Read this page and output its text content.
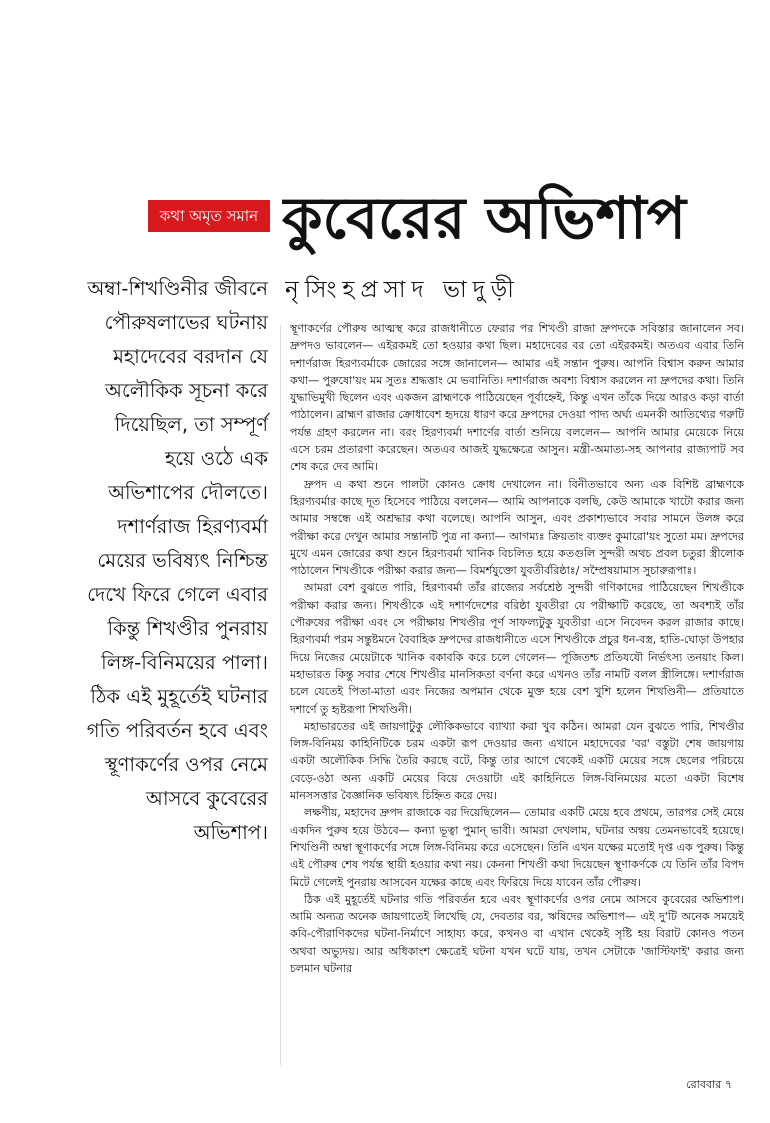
কথা অমৃত সমান কুবেরের অভিশাপ
নৃসিংহপ্রসাদ ভাদুড়ী
অম্বা-শিখণ্ডিনীর জীবনে
পৌরুষলাভের ঘটনায়
মহাদেবের বরদান যে
অলৌকিক সূচনা করে
দিয়েছিল, তা সম্পূর্ণ
হয়ে ওঠে এক
অভিশাপের দৌলতে।
দশার্ণরাজ হিরণ্যবর্মা
মেয়ের ভবিষ্যৎ নিশ্চিন্ত
দেখে ফিরে গেলে এবার
কিন্তু শিখণ্ডীর পুনরায়
লিঙ্গ-বিনিময়ের পালা।
ঠিক এই মুহূর্তেই ঘটনার
গতি পরিবর্তন হবে এবং
স্থূণাকর্ণের ওপর নেমে
আসবে কুবেরের
অভিশাপ।

স্থূণাকর্ণের পৌরুষ আত্মস্থ করে রাজধানীতে ফেরার পর শিখণ্ডী রাজা দ্রুপদকে সবিস্তার জানালেন সব। দ্রুপদও ভাবলেন— এইরকমই তো হওয়ার কথা ছিল। মহাদেবের বর তো এইরকমই। অতএব এবার তিনি দশার্ণরাজ হিরণ্যবর্মাকে জোরের সঙ্গে জানালেন— আমার এই সন্তান পুরুষ। আপনি বিশ্বাস করুন আমার কথা— পুরুষো'য়ং মম সুতঃ শ্রদ্ধত্তাং মে ভবানিতি। দশার্ণরাজ অবশ্য বিশ্বাস করলেন না দ্রুপদের কথা। তিনি যুদ্ধাভিমুখী ছিলেন এবং একজন ব্রাহ্মণকে পাঠিয়েছেন পূর্বাহ্নেই, কিন্তু এখন তাঁকে দিয়ে আরও কড়া বার্তা পাঠালেন। ব্রাহ্মণ রাজার ক্রোধাবেশ হৃদয়ে ধারণ করে দ্রুপদের দেওয়া পাদ্য অর্ঘ্য এমনকী আতিথ্যের গরুটি পর্যন্ত গ্রহণ করলেন না। বরং হিরণ্যবর্মা দশার্ণের বার্তা শুনিয়ে বললেন— আপনি আমার মেয়েকে নিয়ে এসে চরম প্রতারণা করেছেন। অতএব আজই যুদ্ধক্ষেত্রে আসুন। মন্ত্রী-অমাত্য-সহ আপনার রাজ্যপাট সব শেষ করে দেব আমি।

দ্রুপদ এ কথা শুনে পালটা কোনও ক্রোধ দেখালেন না। বিনীতভাবে অন্য এক বিশিষ্ট ব্রাহ্মণকে হিরণ্যবর্মার কাছে দূত হিসেবে পাঠিয়ে বললেন— আমি আপনাকে বলছি, কেউ আমাকে খাটো করার জন্য আমার সম্বন্ধে এই অশ্রদ্ধার কথা বলেছে। আপনি আসুন, এবং প্রকাশ্যভাবে সবার সামনে উলঙ্গ করে পরীক্ষা করে দেখুন আমার সন্তানটি পুত্র না কন্যা— আগম্যঃ ক্রিয়তাং ব্যক্তং কুমারো'য়ং সুতো মম। দ্রুপদের মুখে এমন জোরের কথা শুনে হিরণ্যবর্মা খানিক বিচলিত হয়ে কতগুলি সুন্দরী অথচ প্রবল চতুরা স্ত্রীলোক পাঠালেন শিখণ্ডীকে পরীক্ষা করার জন্য— বিমর্শযুক্তো যুবতীর্বরিষ্ঠাঃ/ সম্প্রৈষয়ামাস সুচারুরূপাঃ।

আমরা বেশ বুঝতে পারি, হিরণ্যবর্মা তাঁর রাজ্যের সর্বশ্রেষ্ঠ সুন্দরী গণিকাদের পাঠিয়েছেন শিখণ্ডীকে পরীক্ষা করার জন্য। শিখণ্ডীকে এই দশার্ণদেশের বরিষ্ঠা যুবতীরা যে পরীক্ষাটি করেছে, তা অবশ্যই তাঁর পৌরুষের পরীক্ষা এবং সে পরীক্ষায় শিখণ্ডীর পূর্ণ সাফল্যটুকু যুবতীরা এসে নিবেদন করল রাজার কাছে। হিরণ্যবর্মা পরম সন্তুষ্টমনে বৈবাহিক দ্রুপদের রাজধানীতে এসে শিখণ্ডীকে প্রচুর ধন-বস্ত্র, হাতি-ঘোড়া উপহার দিয়ে নিজের মেয়েটাকে খানিক বকাবকি করে চলে গেলেন— পূজিতশ্চ প্রতিযযৌ নির্ভৎস্য তনয়াং কিল। মহাভারত কিন্তু সবার শেষে শিখণ্ডীর মানসিকতা বর্ণনা করে এখনও তাঁর নামটি বলল স্ত্রীলিঙ্গে। দশার্ণরাজ চলে যেতেই পিতা-মাতা এবং নিজের অপমান থেকে মুক্ত হয়ে বেশ খুশি হলেন শিখণ্ডিনী— প্রতিযাতে দশার্ণে তু হৃষ্টরূপা শিখণ্ডিনী।

মহাভারতের এই জায়গাটুকু লৌকিকভাবে ব্যাখ্যা করা খুব কঠিন। আমরা যেন বুঝতে পারি, শিখণ্ডীর লিঙ্গ-বিনিময় কাহিনিটিকে চরম একটা রূপ দেওয়ার জন্য এখানে মহাদেবের 'বর' বস্তুটা শেষ জায়গায় একটা অলৌকিক সিদ্ধি তৈরি করছে বটে, কিন্তু তার আগে থেকেই একটি মেয়ের সঙ্গে ছেলের পরিচয়ে বেড়ে-ওঠা অন্য একটি মেয়ের বিয়ে দেওয়াটা এই কাহিনিতে লিঙ্গ-বিনিময়ের মতো একটা বিশেষ মানসসত্তার বৈজ্ঞানিক ভবিষ্যৎ চিহ্নিত করে দেয়।

লক্ষণীয়, মহাদেব দ্রুপদ রাজাকে বর দিয়েছিলেন— তোমার একটি মেয়ে হবে প্রথমে, তারপর সেই মেয়ে একদিন পুরুষ হয়ে উঠবে— কন্যা ভূত্বা পুমান্ ভাবী। আমরা দেখলাম, ঘটনার অন্বয় তেমনভাবেই হয়েছে। শিখণ্ডিনী অম্বা স্থূণাকর্ণের সঙ্গে লিঙ্গ-বিনিময় করে এসেছেন। তিনি এখন যক্ষের মতোই দৃপ্ত এক পুরুষ। কিন্তু এই পৌরুষ শেষ পর্যন্ত স্থায়ী হওয়ার কথা নয়। কেননা শিখণ্ডী কথা দিয়েছেন স্থূণাকর্ণকে যে তিনি তাঁর বিপদ মিটে গেলেই পুনরায় আসবেন যক্ষের কাছে এবং ফিরিয়ে দিয়ে যাবেন তাঁর পৌরুষ।

ঠিক এই মুহূর্তেই ঘটনার গতি পরিবর্তন হবে এবং স্থূণাকর্ণের ওপর নেমে আসবে কুবেরের অভিশাপ। আমি অন্যত্র অনেক জায়গাতেই লিখেছি যে, দেবতার বর, ঋষিদের অভিশাপ— এই দু'টি অনেক সময়েই কবি-পৌরাণিকদের ঘটনা-নির্মাণে সাহায্য করে, কখনও বা এখান থেকেই সৃষ্টি হয় বিরাট কোনও পতন অথবা অভ্যুদয়। আর অধিকাংশ ক্ষেত্রেই ঘটনা যখন ঘটে যায়, তখন সেটাকে 'জাস্টিফাই' করার জন্য চলমান ঘটনার

রোববার ৭
